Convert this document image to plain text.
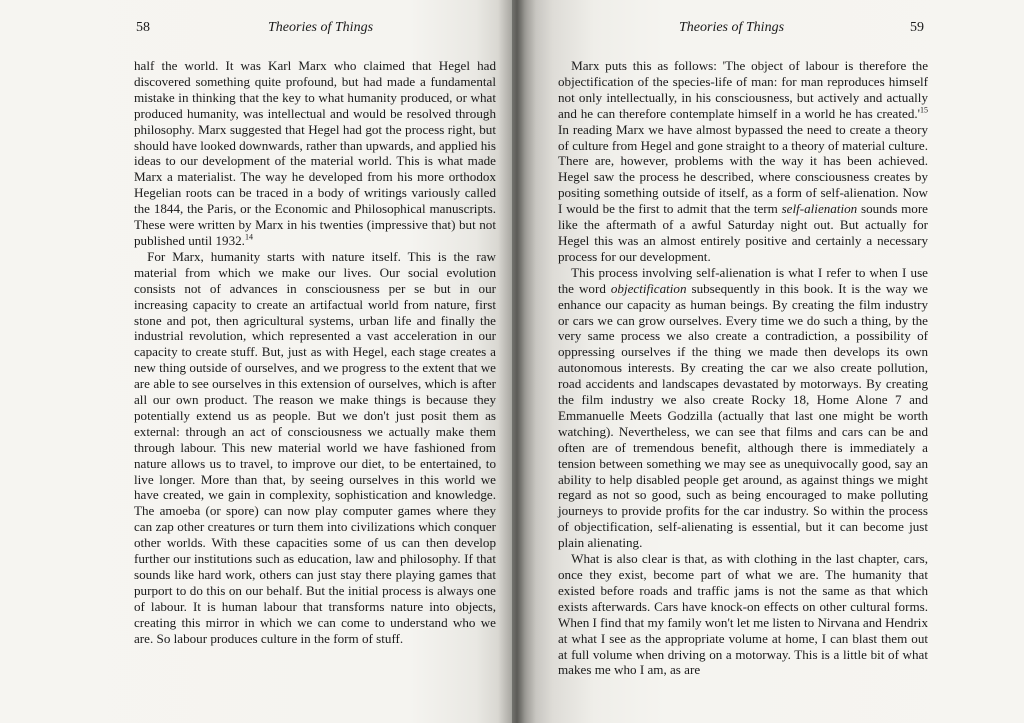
58	Theories of Things

half the world. It was Karl Marx who claimed that Hegel had discovered something quite profound, but had made a fundamental mistake in thinking that the key to what humanity produced, or what produced humanity, was intellectual and would be resolved through philosophy. Marx suggested that Hegel had got the process right, but should have looked downwards, rather than upwards, and applied his ideas to our development of the material world. This is what made Marx a materialist. The way he developed from his more orthodox Hegelian roots can be traced in a body of writings variously called the 1844, the Paris, or the Economic and Philosophical manuscripts. These were written by Marx in his twenties (impressive that) but not published until 1932.14

For Marx, humanity starts with nature itself. This is the raw material from which we make our lives. Our social evolution consists not of advances in consciousness per se but in our increasing capacity to create an artifactual world from nature, first stone and pot, then agricultural systems, urban life and finally the industrial revolution, which represented a vast acceleration in our capacity to create stuff. But, just as with Hegel, each stage creates a new thing outside of ourselves, and we progress to the extent that we are able to see ourselves in this extension of ourselves, which is after all our own product. The reason we make things is because they potentially extend us as people. But we don't just posit them as external: through an act of consciousness we actually make them through labour. This new material world we have fashioned from nature allows us to travel, to improve our diet, to be entertained, to live longer. More than that, by seeing ourselves in this world we have created, we gain in complexity, sophistication and knowledge. The amoeba (or spore) can now play computer games where they can zap other creatures or turn them into civilizations which conquer other worlds. With these capacities some of us can then develop further our institutions such as education, law and philosophy. If that sounds like hard work, others can just stay there playing games that purport to do this on our behalf. But the initial process is always one of labour. It is human labour that transforms nature into objects, creating this mirror in which we can come to understand who we are. So labour produces culture in the form of stuff.

Theories of Things	59

Marx puts this as follows: 'The object of labour is therefore the objectification of the species-life of man: for man reproduces himself not only intellectually, in his consciousness, but actively and actually and he can therefore contemplate himself in a world he has $created.'^{15}$ In reading Marx we have almost bypassed the need to create a theory of culture from Hegel and gone straight to a theory of material culture. There are, however, problems with the way it has been achieved. Hegel saw the process he described, where consciousness creates by positing something outside of itself, as a form of self-alienation. Now I would be the first to admit that the term self-alienation sounds more like the aftermath of a awful Saturday night out. But actually for Hegel this was an almost entirely positive and certainly a necessary process for our development.

This process involving self-alienation is what I refer to when I use the word objectification subsequently in this book. It is the way we enhance our capacity as human beings. By creating the film industry or cars we can grow ourselves. Every time we do such a thing, by the very same process we also create a contradiction, a possibility of oppressing ourselves if the thing we made then develops its own autonomous interests. By creating the car we also create pollution, road accidents and landscapes devastated by motorways. By creating the film industry we also create Rocky 18, Home Alone 7 and Emmanuelle Meets Godzilla (actually that last one might be worth watching). Nevertheless, we can see that films and cars can be and often are of tremendous benefit, although there is immediately a tension between something we may see as unequivocally good, say an ability to help disabled people get around, as against things we might regard as not so good, such as being encouraged to make polluting journeys to provide profits for the car industry. So within the process of objectification, self-alienating is essential, but it can become just plain alienating.

What is also clear is that, as with clothing in the last chapter, cars, once they exist, become part of what we are. The humanity that existed before roads and traffic jams is not the same as that which exists afterwards. Cars have knock-on effects on other cultural forms. When I find that my family won't let me listen to Nirvana and Hendrix at what I see as the appropriate volume at home, I can blast them out at full volume when driving on a motorway. This is a little bit of what makes me who I am, as are
